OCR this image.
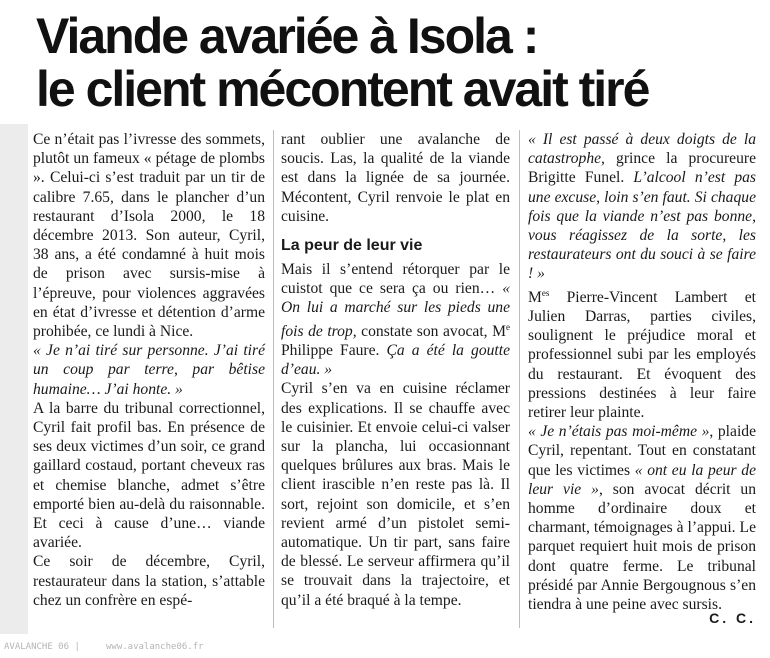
Viande avariée à Isola :
le client mécontent avait tiré

Ce n’était pas l’ivresse des sommets, plutôt un fameux « pétage de plombs ». Celui-ci s’est traduit par un tir de calibre 7.65, dans le plancher d’un restaurant d’Isola 2000, le 18 décembre 2013. Son auteur, Cyril, 38 ans, a été condamné à huit mois de prison avec sursis-mise à l’épreuve, pour violences aggravées en état d’ivresse et détention d’arme prohibée, ce lundi à Nice.

« Je n’ai tiré sur personne. J’ai tiré un coup par terre, par bêtise humaine… J’ai honte. »

A la barre du tribunal correctionnel, Cyril fait profil bas. En présence de ses deux victimes d’un soir, ce grand gaillard costaud, portant cheveux ras et chemise blanche, admet s’être emporté bien au-delà du raisonnable. Et ceci à cause d’une… viande avariée.

Ce soir de décembre, Cyril, restaurateur dans la station, s’attable chez un confrère en espé-

rant oublier une avalanche de soucis. Las, la qualité de la viande est dans la lignée de sa journée. Mécontent, Cyril renvoie le plat en cuisine.

La peur de leur vie

Mais il s’entend rétorquer par le cuistot que ce sera ça ou rien… « On lui a marché sur les pieds une fois de trop, constate son avocat, Me Philippe Faure. Ça a été la goutte d’eau. »

Cyril s’en va en cuisine réclamer des explications. Il se chauffe avec le cuisinier. Et envoie celui-ci valser sur la plancha, lui occasionnant quelques brûlures aux bras. Mais le client irascible n’en reste pas là. Il sort, rejoint son domicile, et s’en revient armé d’un pistolet semi-automatique. Un tir part, sans faire de blessé. Le serveur affirmera qu’il se trouvait dans la trajectoire, et qu’il a été braqué à la tempe.

« Il est passé à deux doigts de la catastrophe, grince la procureure Brigitte Funel. L’alcool n’est pas une excuse, loin s’en faut. Si chaque fois que la viande n’est pas bonne, vous réagissez de la sorte, les restaurateurs ont du souci à se faire ! »

$M^{es}$ Pierre-Vincent Lambert et Julien Darras, parties civiles, soulignent le préjudice moral et professionnel subi par les employés du restaurant. Et évoquent des pressions destinées à leur faire retirer leur plainte.

« Je n’étais pas moi-même », plaide Cyril, repentant. Tout en constatant que les victimes « ont eu la peur de leur vie », son avocat décrit un homme d’ordinaire doux et charmant, témoignages à l’appui. Le parquet requiert huit mois de prison dont quatre ferme. Le tribunal présidé par Annie Bergougnous s’en tiendra à une peine avec sursis.

C. C.
AVALANCHE 06 |	www.avalanche06.fr
